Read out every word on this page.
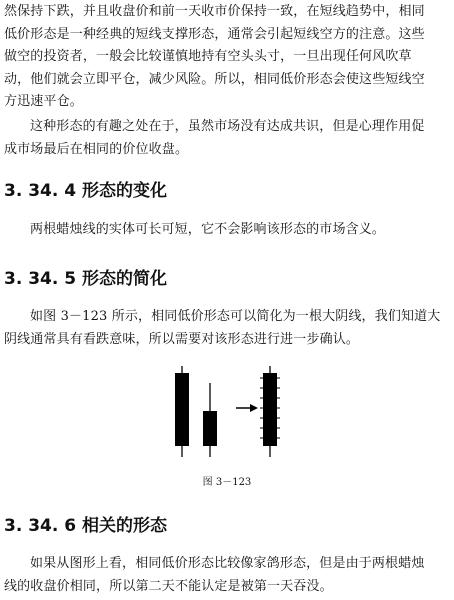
然保持下跌，并且收盘价和前一天收市价保持一致，在短线趋势中，相同

低价形态是一种经典的短线支撑形态，通常会引起短线空方的注意。这些

做空的投资者，一般会比较谨慎地持有空头头寸，一旦出现任何风吹草

动，他们就会立即平仓，减少风险。所以，相同低价形态会使这些短线空

方迅速平仓。

这种形态的有趣之处在于，虽然市场没有达成共识，但是心理作用促

成市场最后在相同的价位收盘。

3. 34. 4 形态的变化

两根蜡烛线的实体可长可短，它不会影响该形态的市场含义。

3. 34. 5 形态的简化

如图 3－123 所示，相同低价形态可以简化为一根大阴线，我们知道大

阴线通常具有看跌意味，所以需要对该形态进行进一步确认。

图 3－123

3. 34. 6 相关的形态

如果从图形上看，相同低价形态比较像家鸽形态，但是由于两根蜡烛

线的收盘价相同，所以第二天不能认定是被第一天吞没。
